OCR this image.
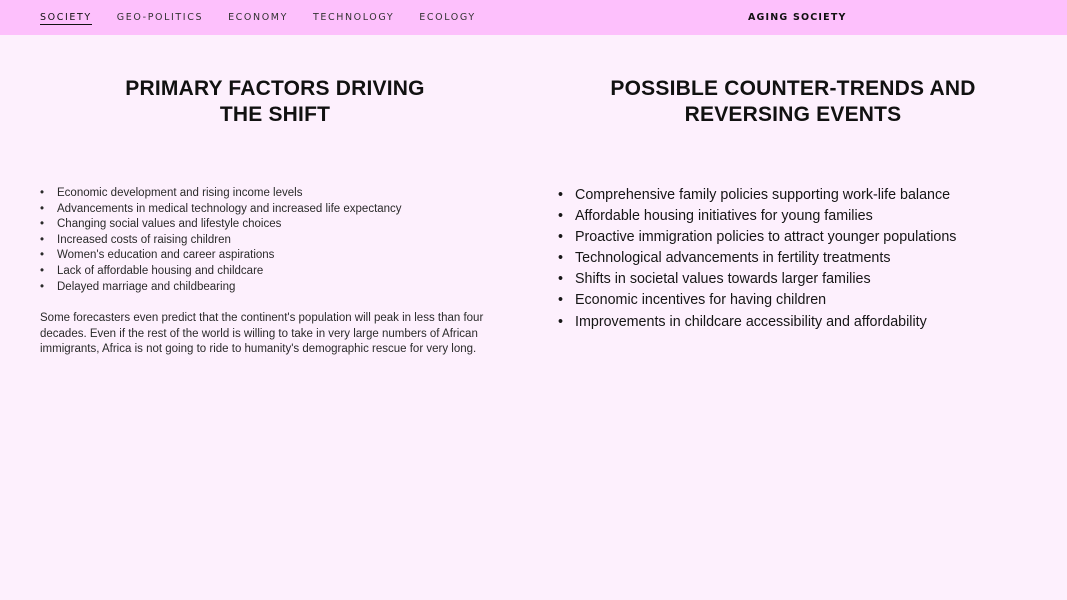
SOCIETY	GEO-POLITICS	ECONOMY	TECHNOLOGY	ECOLOGY	AGING SOCIETY
PRIMARY FACTORS DRIVING
THE SHIFT
POSSIBLE COUNTER-TRENDS AND
REVERSING EVENTS
• Economic development and rising income levels
• Advancements in medical technology and increased life expectancy
• Changing social values and lifestyle choices
• Increased costs of raising children
• Women's education and career aspirations
• Lack of affordable housing and childcare
• Delayed marriage and childbearing

Some forecasters even predict that the continent's population will peak in less than four decades. Even if the rest of the world is willing to take in very large numbers of African immigrants, Africa is not going to ride to humanity's demographic rescue for very long.

• Comprehensive family policies supporting work-life balance
• Affordable housing initiatives for young families
• Proactive immigration policies to attract younger populations
• Technological advancements in fertility treatments
• Shifts in societal values towards larger families
• Economic incentives for having children
• Improvements in childcare accessibility and affordability
